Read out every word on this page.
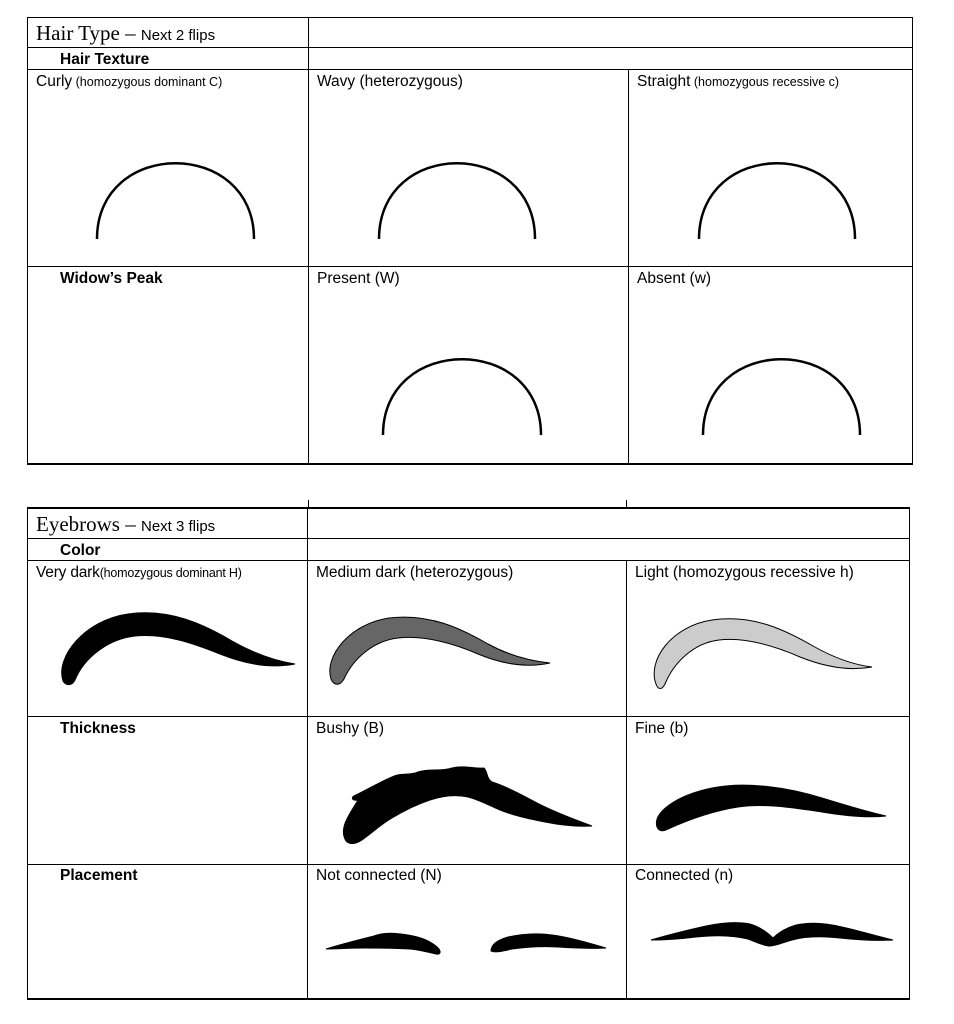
Hair Type – Next 2 flips
Hair Texture
Curly (homozygous dominant C)	Wavy (heterozygous)	Straight (homozygous recessive c)
Widow’s Peak	Present (W)	Absent (w)
Eyebrows – Next 3 flips
Color
Very dark(homozygous dominant H)	Medium dark (heterozygous)	Light (homozygous recessive h)
Thickness	Bushy (B)	Fine (b)
Placement	Not connected (N)	Connected (n)
